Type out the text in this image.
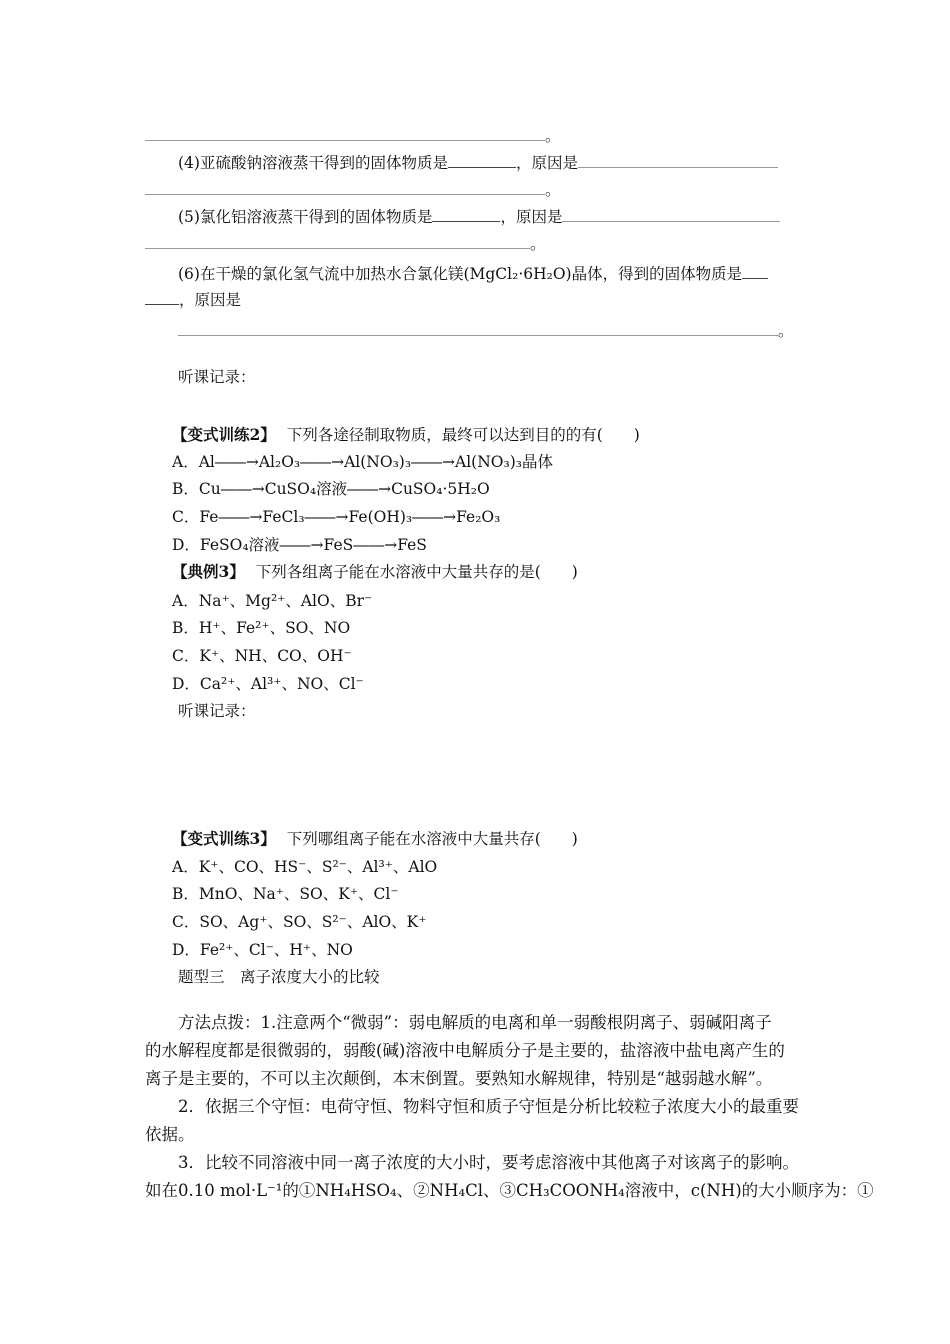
。
(4)亚硫酸钠溶液蒸干得到的固体物质是	，原因是
。
(5)氯化铝溶液蒸干得到的固体物质是	，原因是
。
(6)在干燥的氯化氢气流中加热水合氯化镁(MgCl₂·6H₂O)晶体，得到的固体物质是
，原因是
。
听课记录：
【变式训练2】 下列各途径制取物质，最终可以达到目的的有(　　)
A．Al――→Al₂O₃――→Al(NO₃)₃――→Al(NO₃)₃晶体
B．Cu――→CuSO₄溶液――→CuSO₄·5H₂O
C．Fe――→FeCl₃――→Fe(OH)₃――→Fe₂O₃
D．FeSO₄溶液――→FeS――→FeS
【典例3】 下列各组离子能在水溶液中大量共存的是(　　)
A．Na⁺、Mg²⁺、AlO、Br⁻
B．H⁺、Fe²⁺、SO、NO
C．K⁺、NH、CO、OH⁻
D．Ca²⁺、Al³⁺、NO、Cl⁻
听课记录：
【变式训练3】 下列哪组离子能在水溶液中大量共存(　　)
A．K⁺、CO、HS⁻、S²⁻、Al³⁺、AlO
B．MnO、Na⁺、SO、K⁺、Cl⁻
C．SO、Ag⁺、SO、S²⁻、AlO、K⁺
D．Fe²⁺、Cl⁻、H⁺、NO
题型三　离子浓度大小的比较
方法点拨：1.注意两个“微弱”：弱电解质的电离和单一弱酸根阴离子、弱碱阳离子
的水解程度都是很微弱的，弱酸(碱)溶液中电解质分子是主要的，盐溶液中盐电离产生的
离子是主要的，不可以主次颠倒，本末倒置。要熟知水解规律，特别是“越弱越水解”。
2．依据三个守恒：电荷守恒、物料守恒和质子守恒是分析比较粒子浓度大小的最重要
依据。
3．比较不同溶液中同一离子浓度的大小时，要考虑溶液中其他离子对该离子的影响。
如在0.10 mol·L⁻¹的①NH₄HSO₄、②NH₄Cl、③CH₃COONH₄溶液中，c(NH)的大小顺序为：①
